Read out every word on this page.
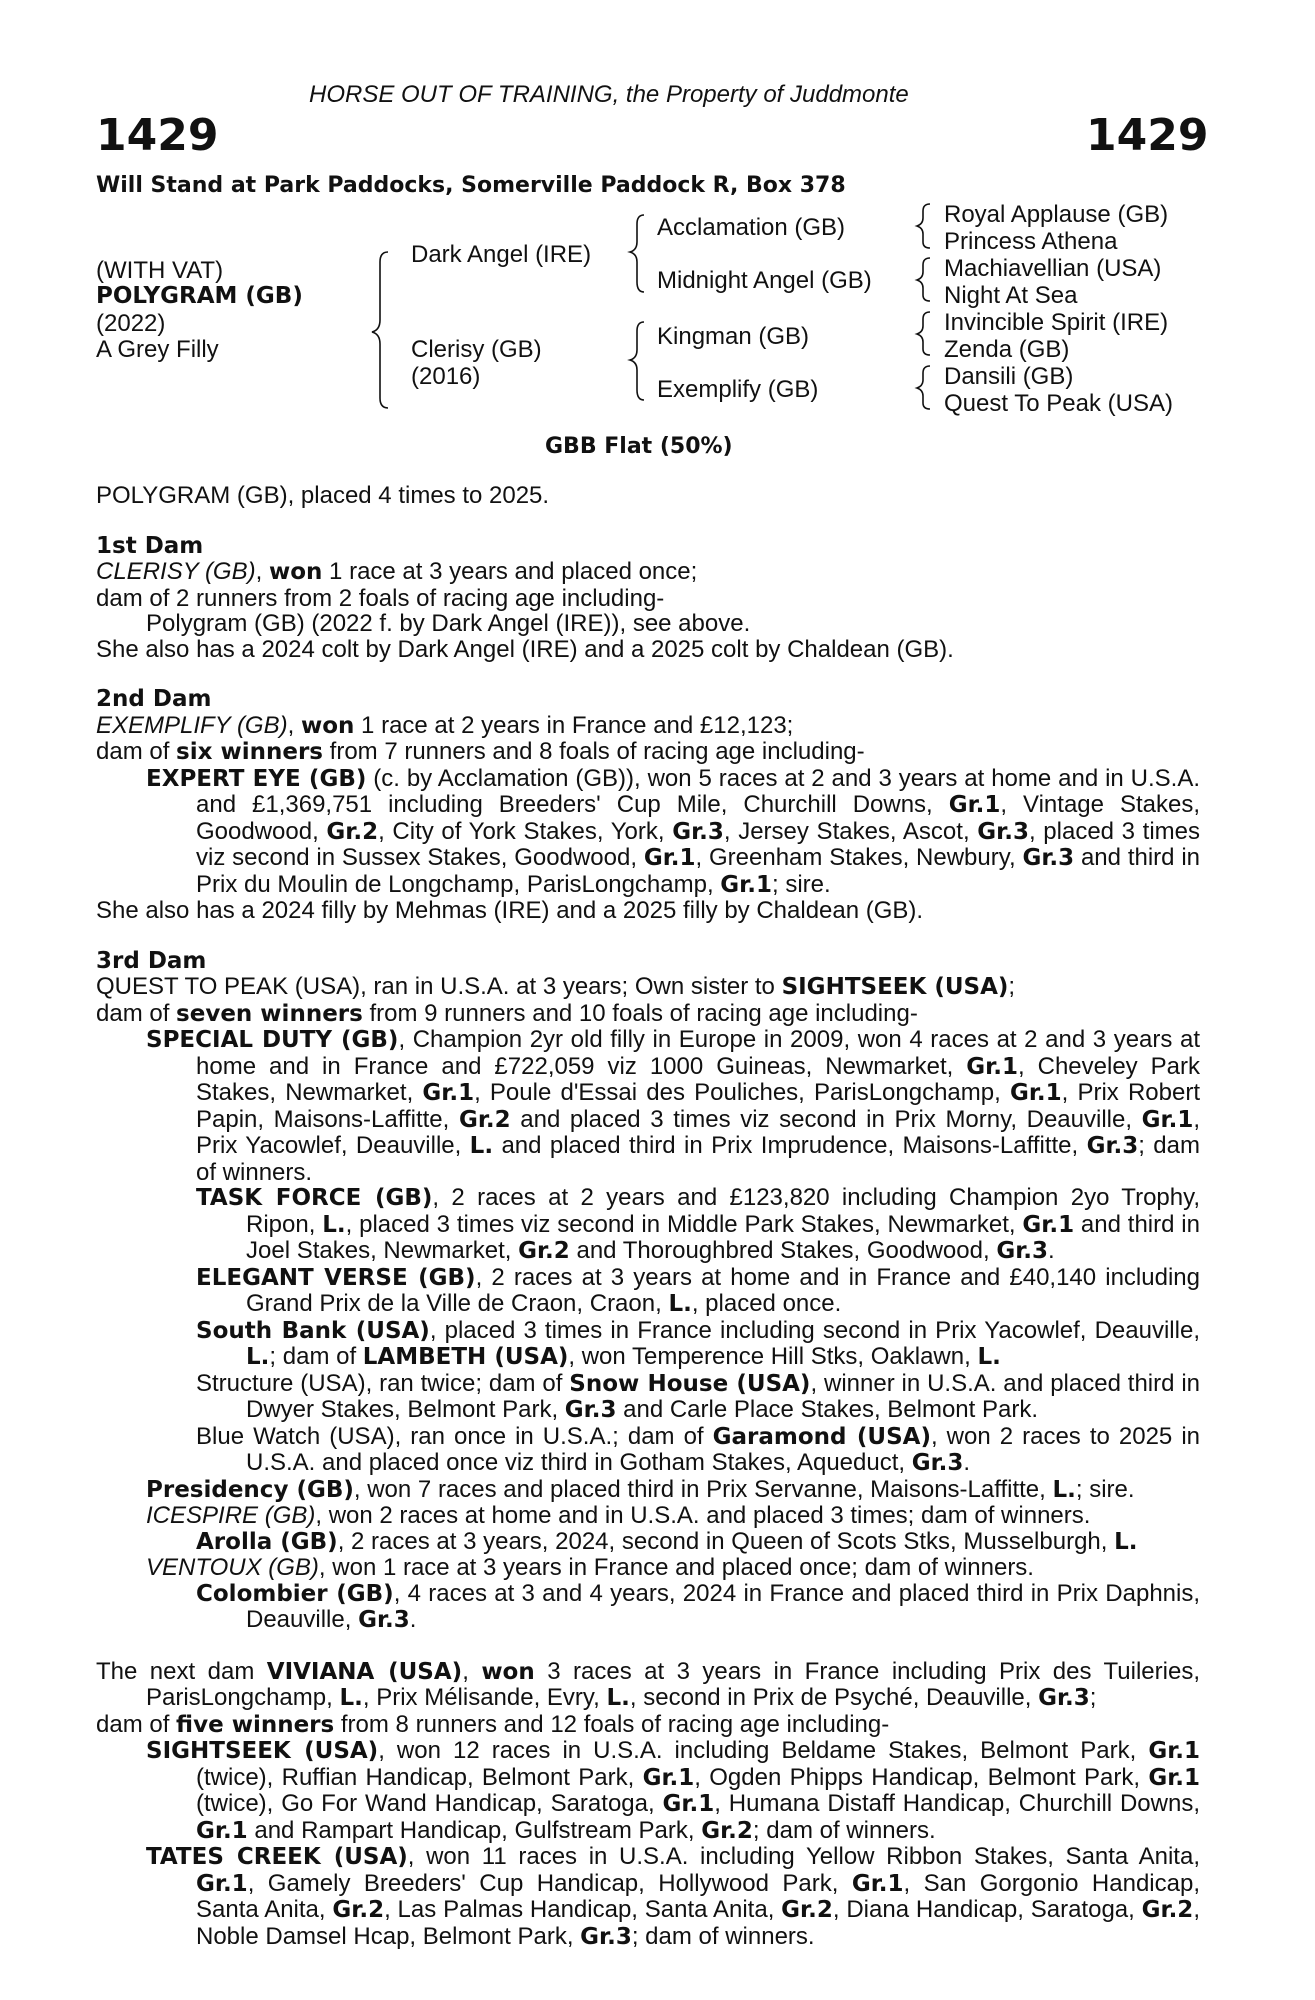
HORSE OUT OF TRAINING, the Property of Juddmonte
1429	1429
Will Stand at Park Paddocks, Somerville Paddock R, Box 378
(WITH VAT)
POLYGRAM (GB)
(2022)
A Grey Filly
Dark Angel (IRE)
Clerisy (GB)
(2016)
Acclamation (GB)
Midnight Angel (GB)
Kingman (GB)
Exemplify (GB)
Royal Applause (GB)
Princess Athena
Machiavellian (USA)
Night At Sea
Invincible Spirit (IRE)
Zenda (GB)
Dansili (GB)
Quest To Peak (USA)
GBB Flat (50%)

POLYGRAM (GB), placed 4 times to 2025.

1st Dam

CLERISY (GB), won 1 race at 3 years and placed once;

dam of 2 runners from 2 foals of racing age including-

Polygram (GB) (2022 f. by Dark Angel (IRE)), see above.

She also has a 2024 colt by Dark Angel (IRE) and a 2025 colt by Chaldean (GB).

2nd Dam

EXEMPLIFY (GB), won 1 race at 2 years in France and £12,123;

dam of six winners from 7 runners and 8 foals of racing age including-

EXPERT EYE (GB) (c. by Acclamation (GB)), won 5 races at 2 and 3 years at home and in U.S.A. and £1,369,751 including Breeders' Cup Mile, Churchill Downs, Gr.1, Vintage Stakes, Goodwood, Gr.2, City of York Stakes, York, Gr.3, Jersey Stakes, Ascot, Gr.3, placed 3 times viz second in Sussex Stakes, Goodwood, Gr.1, Greenham Stakes, Newbury, Gr.3 and third in Prix du Moulin de Longchamp, ParisLongchamp, Gr.1; sire.

She also has a 2024 filly by Mehmas (IRE) and a 2025 filly by Chaldean (GB).

3rd Dam

QUEST TO PEAK (USA), ran in U.S.A. at 3 years; Own sister to SIGHTSEEK (USA);

dam of seven winners from 9 runners and 10 foals of racing age including-

SPECIAL DUTY (GB), Champion 2yr old filly in Europe in 2009, won 4 races at 2 and 3 years at home and in France and £722,059 viz 1000 Guineas, Newmarket, Gr.1, Cheveley Park Stakes, Newmarket, Gr.1, Poule d'Essai des Pouliches, ParisLongchamp, Gr.1, Prix Robert Papin, Maisons-Laffitte, Gr.2 and placed 3 times viz second in Prix Morny, Deauville, Gr.1, Prix Yacowlef, Deauville, L. and placed third in Prix Imprudence, Maisons-Laffitte, Gr.3; dam of winners.

TASK FORCE (GB), 2 races at 2 years and £123,820 including Champion 2yo Trophy, Ripon, L., placed 3 times viz second in Middle Park Stakes, Newmarket, Gr.1 and third in Joel Stakes, Newmarket, Gr.2 and Thoroughbred Stakes, Goodwood, Gr.3.

ELEGANT VERSE (GB), 2 races at 3 years at home and in France and £40,140 including Grand Prix de la Ville de Craon, Craon, L., placed once.

South Bank (USA), placed 3 times in France including second in Prix Yacowlef, Deauville, L.; dam of LAMBETH (USA), won Temperence Hill Stks, Oaklawn, L.

Structure (USA), ran twice; dam of Snow House (USA), winner in U.S.A. and placed third in Dwyer Stakes, Belmont Park, Gr.3 and Carle Place Stakes, Belmont Park.

Blue Watch (USA), ran once in U.S.A.; dam of Garamond (USA), won 2 races to 2025 in U.S.A. and placed once viz third in Gotham Stakes, Aqueduct, Gr.3.

Presidency (GB), won 7 races and placed third in Prix Servanne, Maisons-Laffitte, L.; sire.

ICESPIRE (GB), won 2 races at home and in U.S.A. and placed 3 times; dam of winners.

Arolla (GB), 2 races at 3 years, 2024, second in Queen of Scots Stks, Musselburgh, L.

VENTOUX (GB), won 1 race at 3 years in France and placed once; dam of winners.

Colombier (GB), 4 races at 3 and 4 years, 2024 in France and placed third in Prix Daphnis, Deauville, Gr.3.

The next dam VIVIANA (USA), won 3 races at 3 years in France including Prix des Tuileries, ParisLongchamp, L., Prix Mélisande, Evry, L., second in Prix de Psyché, Deauville, Gr.3;

dam of five winners from 8 runners and 12 foals of racing age including-

SIGHTSEEK (USA), won 12 races in U.S.A. including Beldame Stakes, Belmont Park, Gr.1 (twice), Ruffian Handicap, Belmont Park, Gr.1, Ogden Phipps Handicap, Belmont Park, Gr.1 (twice), Go For Wand Handicap, Saratoga, Gr.1, Humana Distaff Handicap, Churchill Downs, Gr.1 and Rampart Handicap, Gulfstream Park, Gr.2; dam of winners.

TATES CREEK (USA), won 11 races in U.S.A. including Yellow Ribbon Stakes, Santa Anita, Gr.1, Gamely Breeders' Cup Handicap, Hollywood Park, Gr.1, San Gorgonio Handicap, Santa Anita, Gr.2, Las Palmas Handicap, Santa Anita, Gr.2, Diana Handicap, Saratoga, Gr.2, Noble Damsel Hcap, Belmont Park, Gr.3; dam of winners.
